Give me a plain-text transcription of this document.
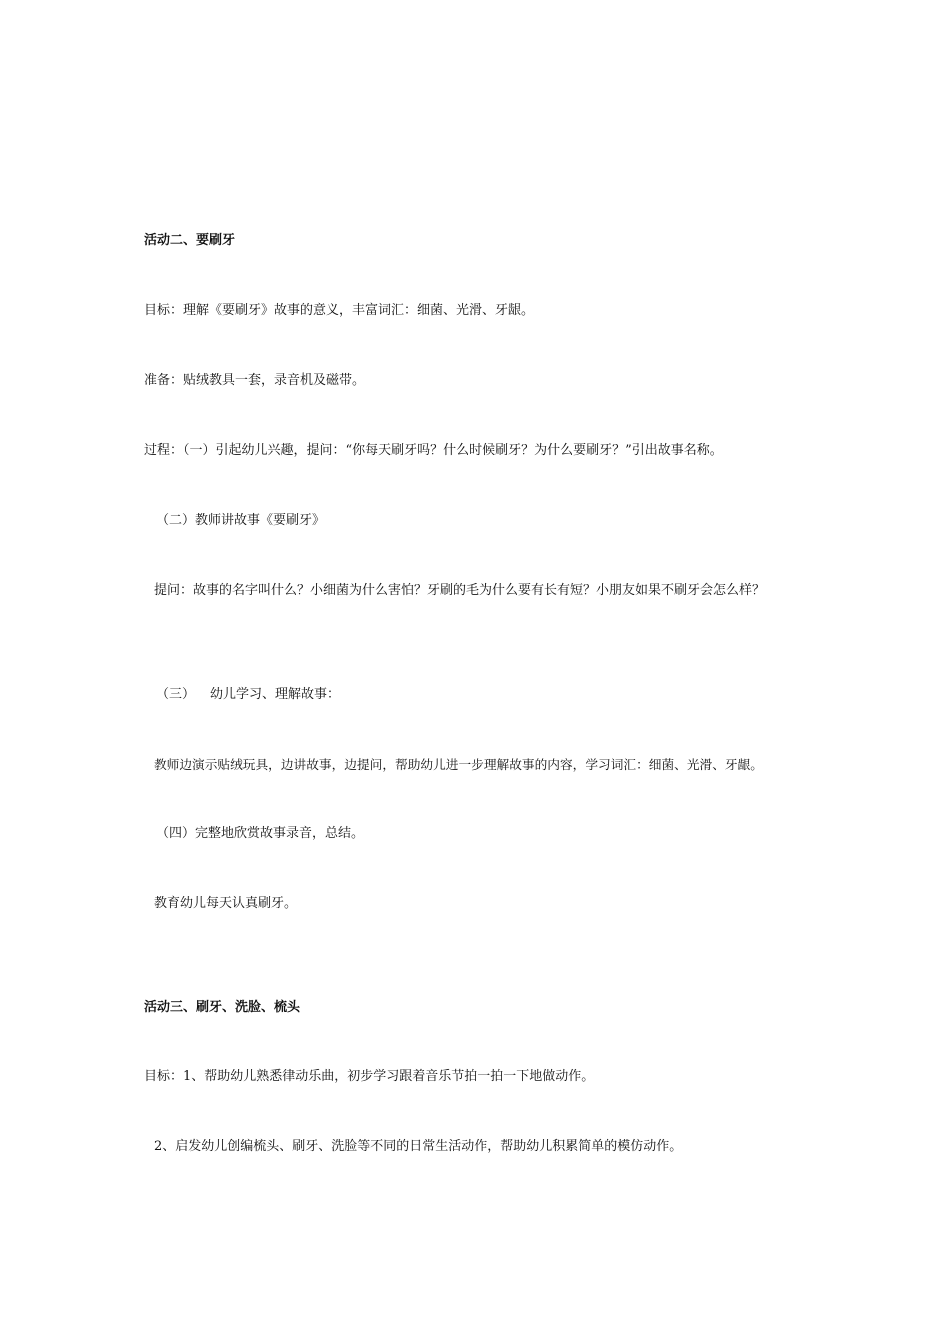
活动二、要刷牙
目标：理解《要刷牙》故事的意义，丰富词汇：细菌、光滑、牙龈。
准备：贴绒教具一套，录音机及磁带。
过程：（一）引起幼儿兴趣，提问：“你每天刷牙吗？什么时候刷牙？为什么要刷牙？”引出故事名称。
（二）教师讲故事《要刷牙》
提问：故事的名字叫什么？小细菌为什么害怕？牙刷的毛为什么要有长有短？小朋友如果不刷牙会怎么样？
（三） 幼儿学习、理解故事：
教师边演示贴绒玩具，边讲故事，边提问，帮助幼儿进一步理解故事的内容，学习词汇：细菌、光滑、牙龈。
（四）完整地欣赏故事录音，总结。
教育幼儿每天认真刷牙。
活动三、刷牙、洗脸、梳头
目标：1、帮助幼儿熟悉律动乐曲，初步学习跟着音乐节拍一拍一下地做动作。
2、启发幼儿创编梳头、刷牙、洗脸等不同的日常生活动作，帮助幼儿积累简单的模仿动作。
